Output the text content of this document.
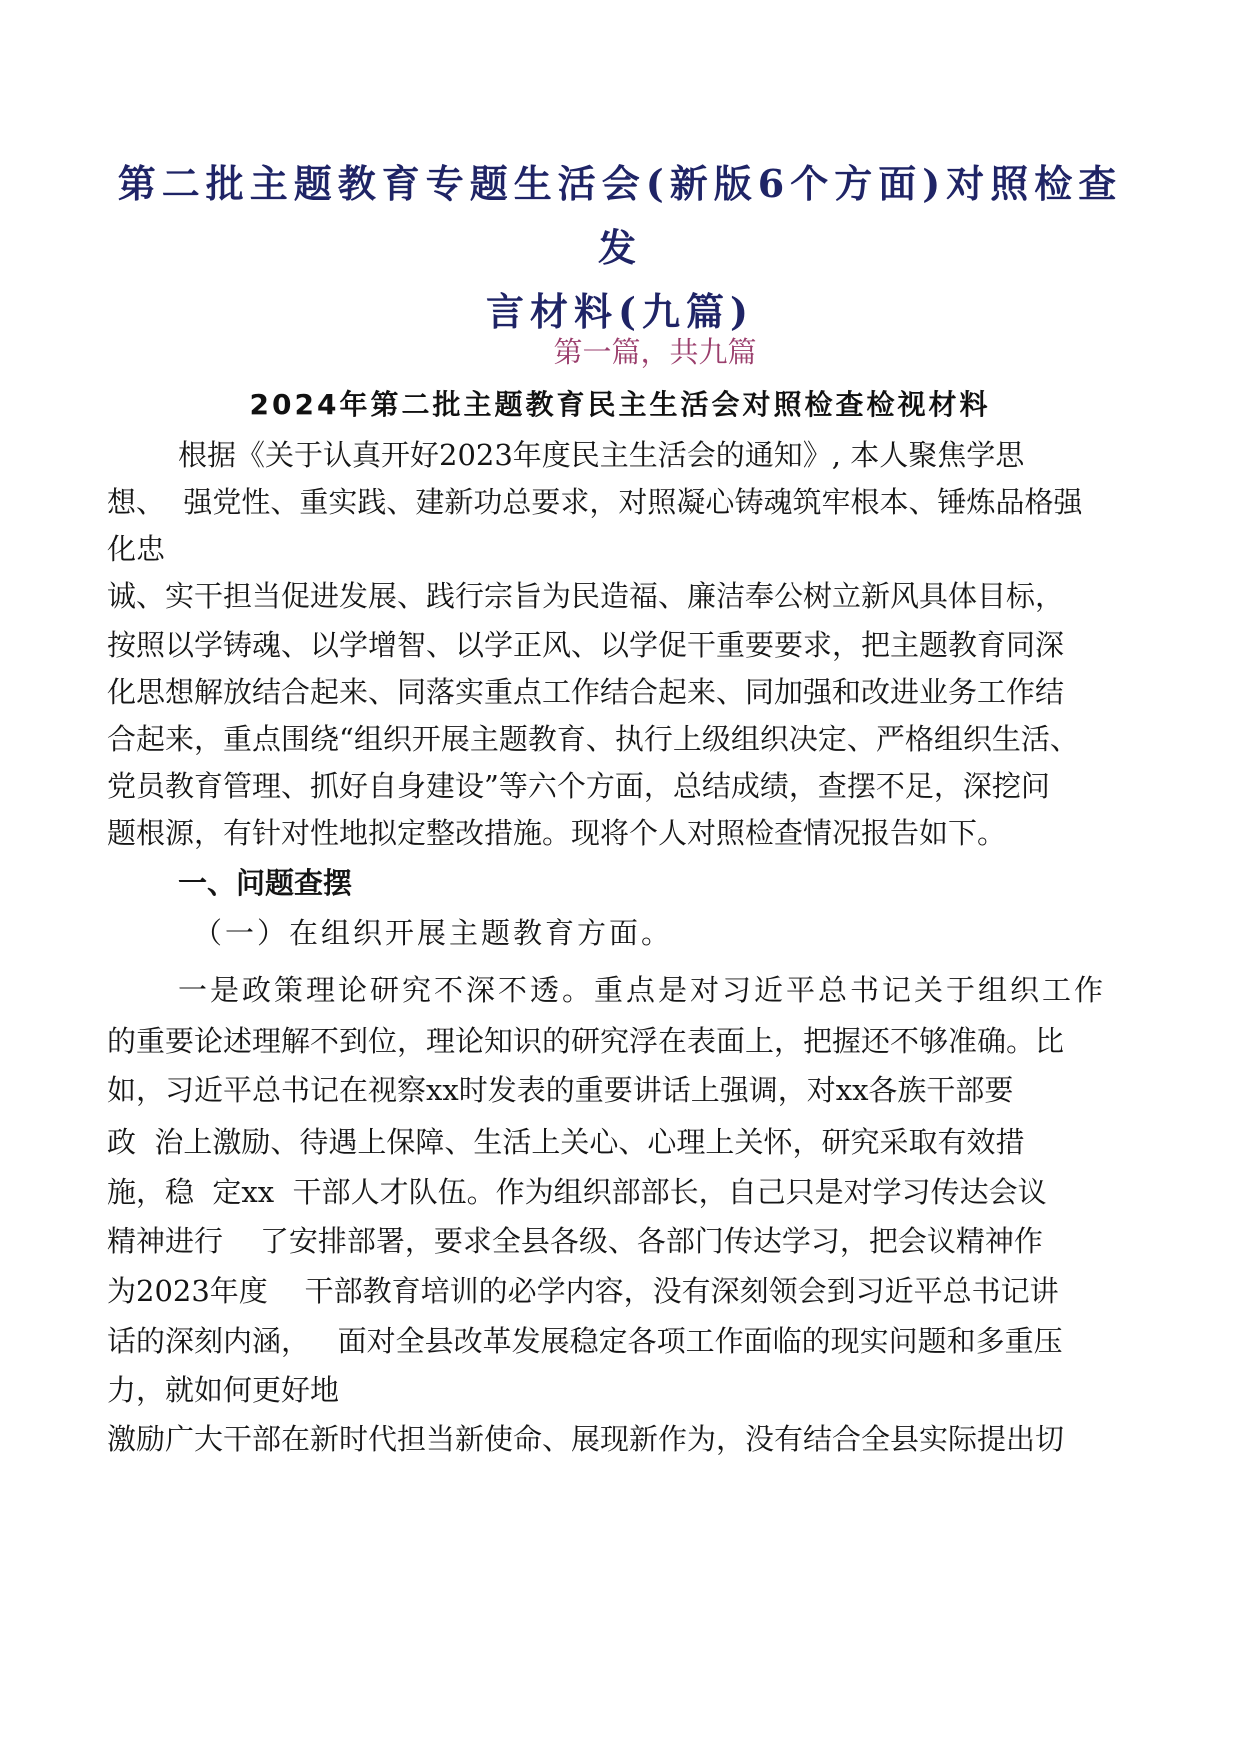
第二批主题教育专题生活会(新版6个方面)对照检查发
言材料(九篇)

第一篇，共九篇

2024年第二批主题教育民主生活会对照检查检视材料

根据《关于认真开好2023年度民主生活会的通知》, 本人聚焦学思

想、  强党性、重实践、建新功总要求，对照凝心铸魂筑牢根本、锤炼品格强

化忠

诚、实干担当促进发展、践行宗旨为民造福、廉洁奉公树立新风具体目标，

按照以学铸魂、以学增智、以学正风、以学促干重要要求，把主题教育同深

化思想解放结合起来、同落实重点工作结合起来、同加强和改进业务工作结

合起来，重点围绕“组织开展主题教育、执行上级组织决定、严格组织生活、

党员教育管理、抓好自身建设”等六个方面，总结成绩，查摆不足，深挖问

题根源，有针对性地拟定整改措施。现将个人对照检查情况报告如下。

一、问题查摆

（一）在组织开展主题教育方面。

一是政策理论研究不深不透。重点是对习近平总书记关于组织工作

的重要论述理解不到位，理论知识的研究浮在表面上，把握还不够准确。比

如，习近平总书记在视察xx时发表的重要讲话上强调，对xx各族干部要

政  治上激励、待遇上保障、生活上关心、心理上关怀，研究采取有效措

施，稳  定xx  干部人才队伍。作为组织部部长，自己只是对学习传达会议

精神进行    了安排部署，要求全县各级、各部门传达学习，把会议精神作

为2023年度    干部教育培训的必学内容，没有深刻领会到习近平总书记讲

话的深刻内涵，   面对全县改革发展稳定各项工作面临的现实问题和多重压

力，就如何更好地

激励广大干部在新时代担当新使命、展现新作为，没有结合全县实际提出切
